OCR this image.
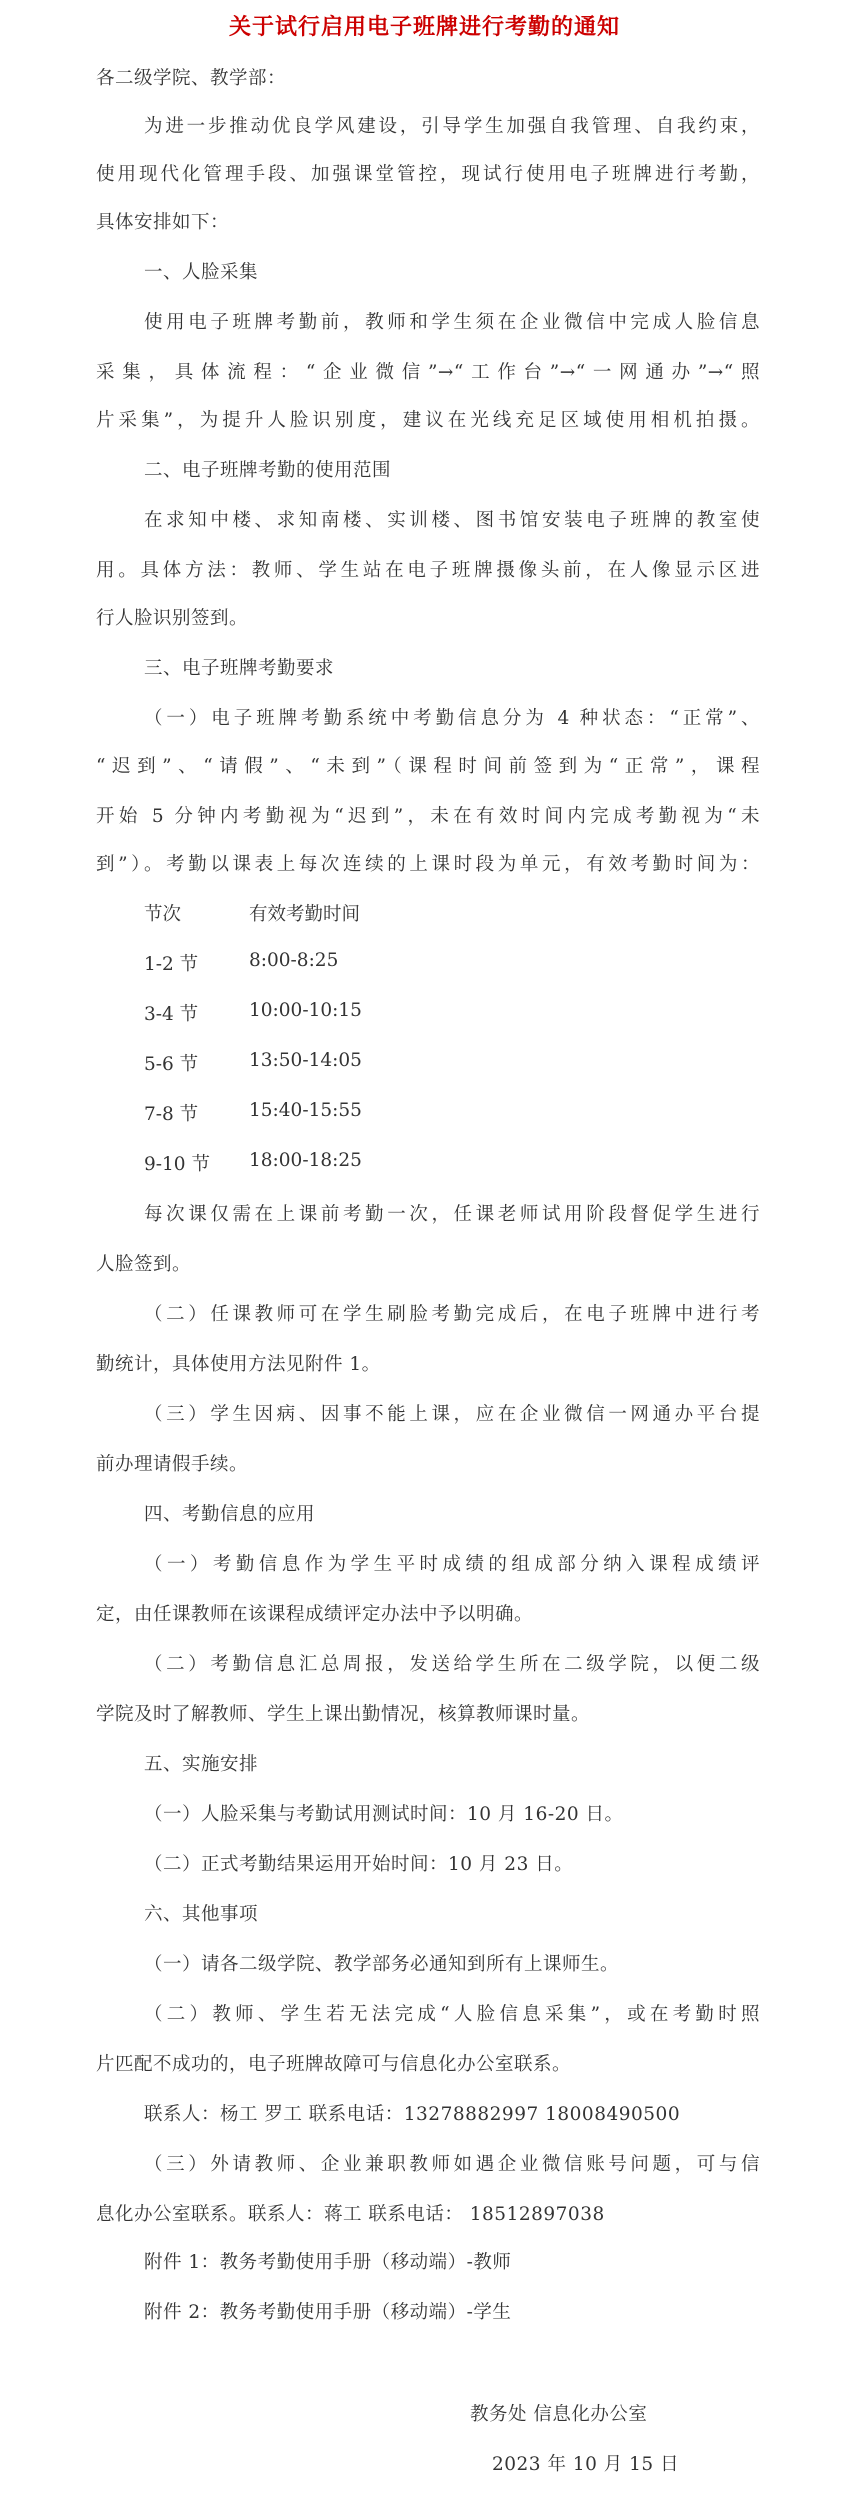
关于试行启用电子班牌进行考勤的通知
各二级学院、教学部：
为进一步推动优良学风建设，引导学生加强自我管理、自我约束，
使用现代化管理手段、加强课堂管控，现试行使用电子班牌进行考勤，
具体安排如下：
一、人脸采集
使用电子班牌考勤前，教师和学生须在企业微信中完成人脸信息
采集，具体流程：“企业微信”→“工作台”→“一网通办”→“照
片采集”，为提升人脸识别度，建议在光线充足区域使用相机拍摄。
二、电子班牌考勤的使用范围
在求知中楼、求知南楼、实训楼、图书馆安装电子班牌的教室使
用。具体方法：教师、学生站在电子班牌摄像头前，在人像显示区进
行人脸识别签到。
三、电子班牌考勤要求
（一）电子班牌考勤系统中考勤信息分为 4 种状态：“正常”、
“迟到”、“请假”、“未到”（课程时间前签到为“正常”，课程
开始 5 分钟内考勤视为“迟到”，未在有效时间内完成考勤视为“未
到”）。考勤以课表上每次连续的上课时段为单元，有效考勤时间为：
节次	有效考勤时间
1-2 节	8:00-8:25
3-4 节	10:00-10:15
5-6 节	13:50-14:05
7-8 节	15:40-15:55
9-10 节 18:00-18:25
每次课仅需在上课前考勤一次，任课老师试用阶段督促学生进行
人脸签到。
（二）任课教师可在学生刷脸考勤完成后，在电子班牌中进行考
勤统计，具体使用方法见附件 1。
（三）学生因病、因事不能上课，应在企业微信一网通办平台提
前办理请假手续。
四、考勤信息的应用
（一）考勤信息作为学生平时成绩的组成部分纳入课程成绩评
定，由任课教师在该课程成绩评定办法中予以明确。
（二）考勤信息汇总周报，发送给学生所在二级学院，以便二级
学院及时了解教师、学生上课出勤情况，核算教师课时量。
五、实施安排
（一）人脸采集与考勤试用测试时间：10 月 16-20 日。
（二）正式考勤结果运用开始时间：10 月 23 日。
六、其他事项
（一）请各二级学院、教学部务必通知到所有上课师生。
（二）教师、学生若无法完成“人脸信息采集”，或在考勤时照
片匹配不成功的，电子班牌故障可与信息化办公室联系。
联系人：杨工 罗工 联系电话：13278882997 18008490500
（三）外请教师、企业兼职教师如遇企业微信账号问题，可与信
息化办公室联系。联系人：蒋工 联系电话： 18512897038
附件 1：教务考勤使用手册（移动端）-教师
附件 2：教务考勤使用手册（移动端）-学生
教务处 信息化办公室
2023 年 10 月 15 日
